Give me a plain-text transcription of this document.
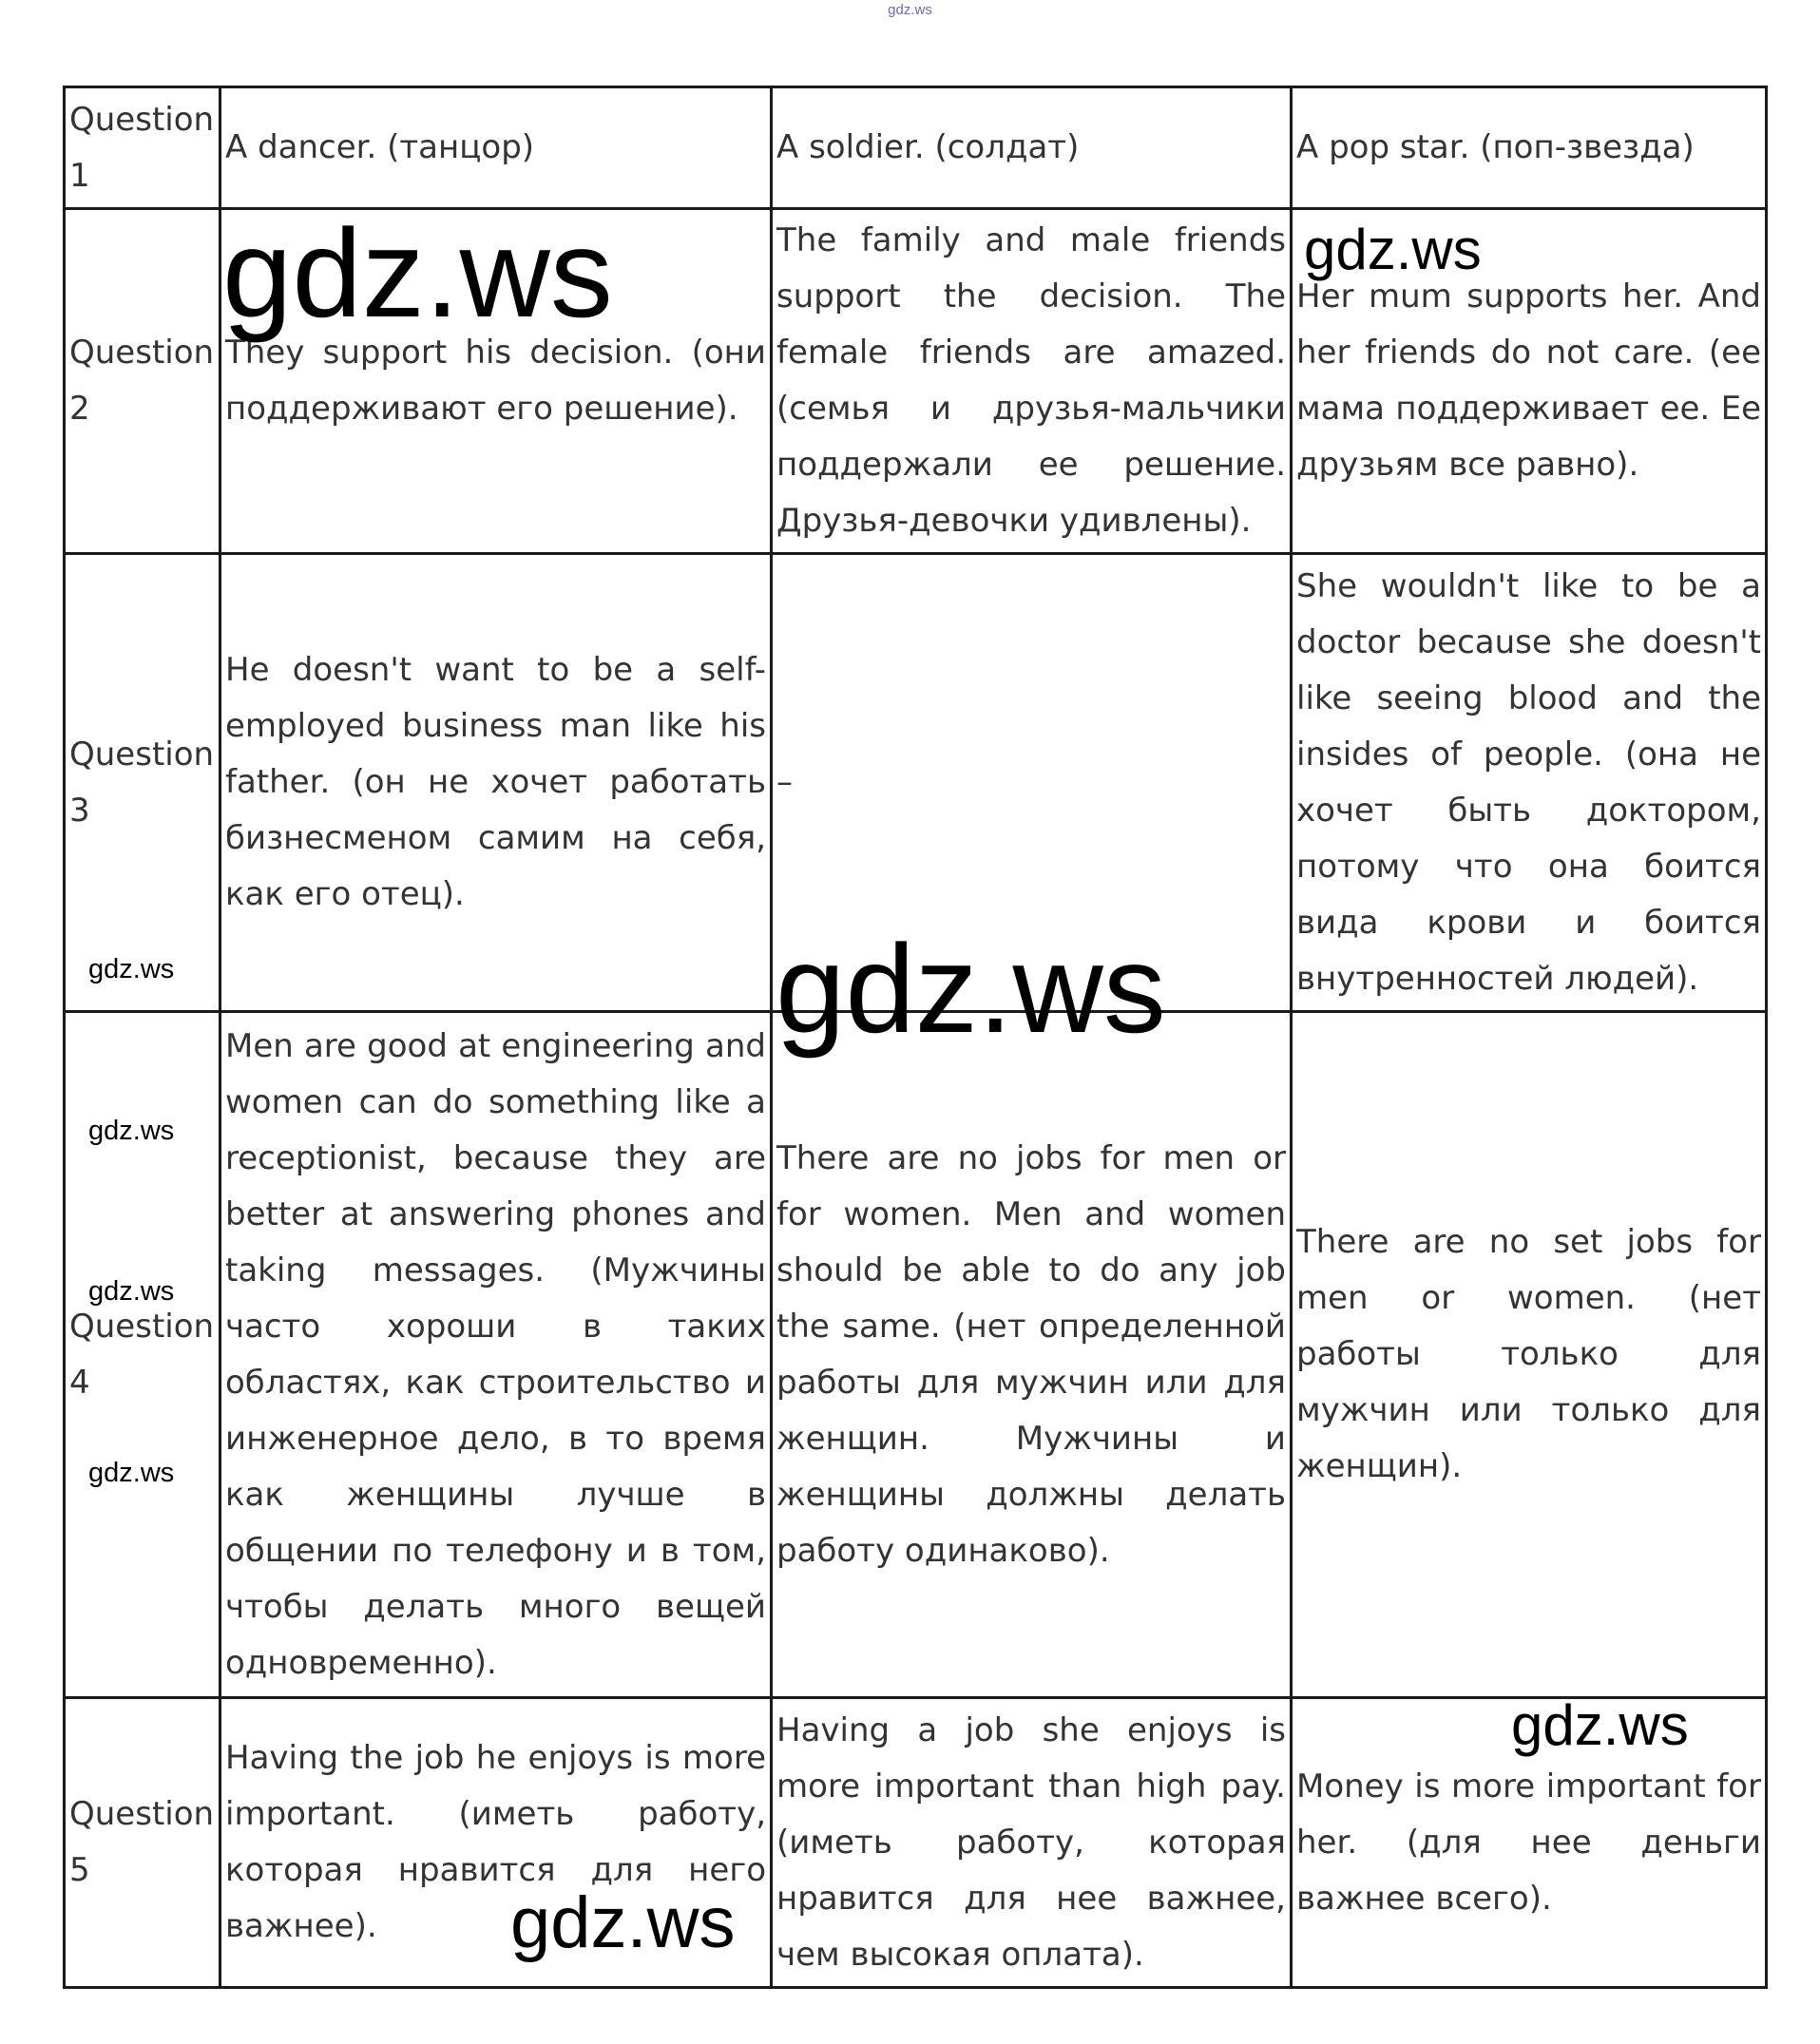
gdz.ws
Question 1	A dancer. (танцор)	A soldier. (солдат)	A pop star. (поп-звезда)
Question 2	They support his decision. (они поддерживают его решение).	The family and male friends support the decision. The female friends are amazed. (семья и друзья-мальчики поддержали ее решение. Друзья-девочки удивлены).	Her mum supports her. And her friends do not care. (ее мама поддерживает ее. Ее друзьям все равно).
Question 3	He doesn't want to be a self-employed business man like his father. (он не хочет работать бизнесменом самим на себя, как его отец).	–	She wouldn't like to be a doctor because she doesn't like seeing blood and the insides of people. (она не хочет быть доктором, потому что она боится вида крови и боится внутренностей людей).
Question 4	Men are good at engineering and women can do something like a receptionist, because they are better at answering phones and taking messages. (Мужчины часто хороши в таких областях, как строительство и инженерное дело, в то время как женщины лучше в общении по телефону и в том, чтобы делать много вещей одновременно).	There are no jobs for men or for women. Men and women should be able to do any job the same. (нет определенной работы для мужчин или для женщин. Мужчины и женщины должны делать работу одинаково).	There are no set jobs for men or women. (нет работы только для мужчин или только для женщин).
Question 5	Having the job he enjoys is more important. (иметь работу, которая нравится для него важнее).	Having a job she enjoys is more important than high pay. (иметь работу, которая нравится для нее важнее, чем высокая оплата).	Money is more important for her. (для нее деньги важнее всего).
gdz.ws	gdz.ws
gdz.ws	gdz.ws
gdz.ws
gdz.ws
gdz.ws
gdz.ws
gdz.ws
